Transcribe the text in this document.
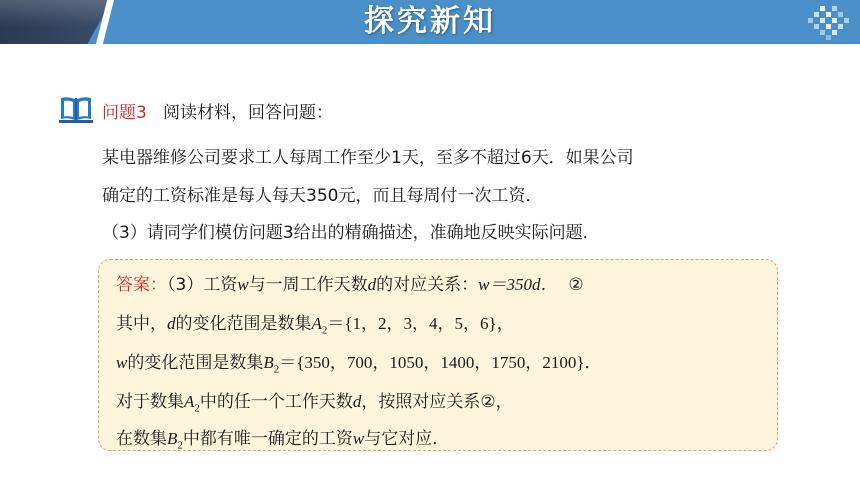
探究新知
问题3 阅读材料，回答问题：
某电器维修公司要求工人每周工作至少1天，至多不超过6天．如果公司
确定的工资标准是每人每天350元，而且每周付一次工资．
（3）请同学们模仿问题3给出的精确描述，准确地反映实际问题．
答案：（3）工资w与一周工作天数d的对应关系：w＝350d． ②
其中，d的变化范围是数集$A_2=\{1$，2，3，4，5，6}，
w的变化范围是数集$B_2=\{350$，700，1050，1400，1750，2100}．
对于数集$A_2$中的任一个工作天数d，按照对应关系②，
在数集$B_2$中都有唯一确定的工资w与它对应．
